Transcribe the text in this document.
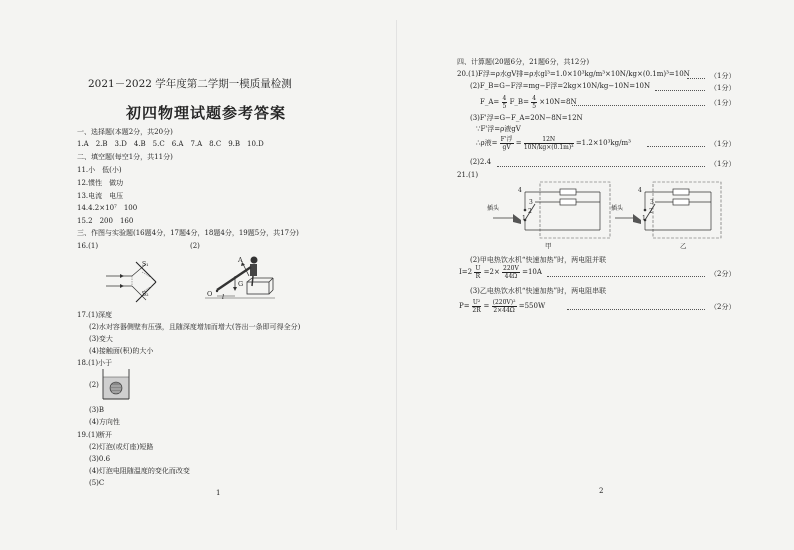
2021－2022 学年度第二学期一模质量检测
初四物理试题参考答案
一、选择题(本题2分，共20分)
1.A　2.B　3.D　4.B　5.C　6.A　7.A　8.C　9.B　10.D
二、填空题(每空1分，共11分)
11.小　低(小)
12.惯性　做功
13.电流　电压
14.4.2×10⁷　100
15.2　200　160
三、作图与实验题(16题4分，17题4分，18题4分，19题5分，共17分)
16.(1)	(2)
S₁
S₂
A
G
O l
17.(1)深度
(2)水对容器侧壁有压强，且随深度增加而增大(答出一条即可得全分)
(3)变大
(4)接触面(积)的大小
18.(1)小于
(2)
(3)B
(4)方向性
19.(1)断开
(2)灯泡(或灯座)短路
(3)0.6
(4)灯泡电阻随温度的变化而改变
(5)C
1
四、计算题(20题6分，21题6分，共12分)
20.(1)F浮=ρ水gV排=ρ水gl³=1.0×10³kg/m³×10N/kg×(0.1m)³=10N	（1分）
(2)F_B=G−F浮=mg−F浮=2kg×10N/kg−10N=10N	（1分）
F_A= $\frac{4}{5}$ F_B= $\frac{4}{5} \times 10N=8N$	（1分）
(3)F'浮=G−F_A=20N−8N=12N
∵F'浮=ρ液gV
∴ρ液= $\frac{\text{F'浮}}{gV} = \frac{12N}{\text{10N/kg×(0.1m)³}} =1.2\times 10^3kg/m^3$	（1分）
(2)2.4	（1分）
21.(1)
插头
4
3
2
1
甲
插头
4
3
2
1
乙
(2)甲电热饮水机“快速加热”时，两电阻并联
$I=2 \frac{U}{R} =2\times \frac{220V}{44\Omega} =10A$	（2分）
(3)乙电热饮水机“快速加热”时，两电阻串联
$P= \frac{\text{U²}}{2R} = \frac{\text{(220V)²}}{2\times 44\Omega} =550W$	（2分）
2
